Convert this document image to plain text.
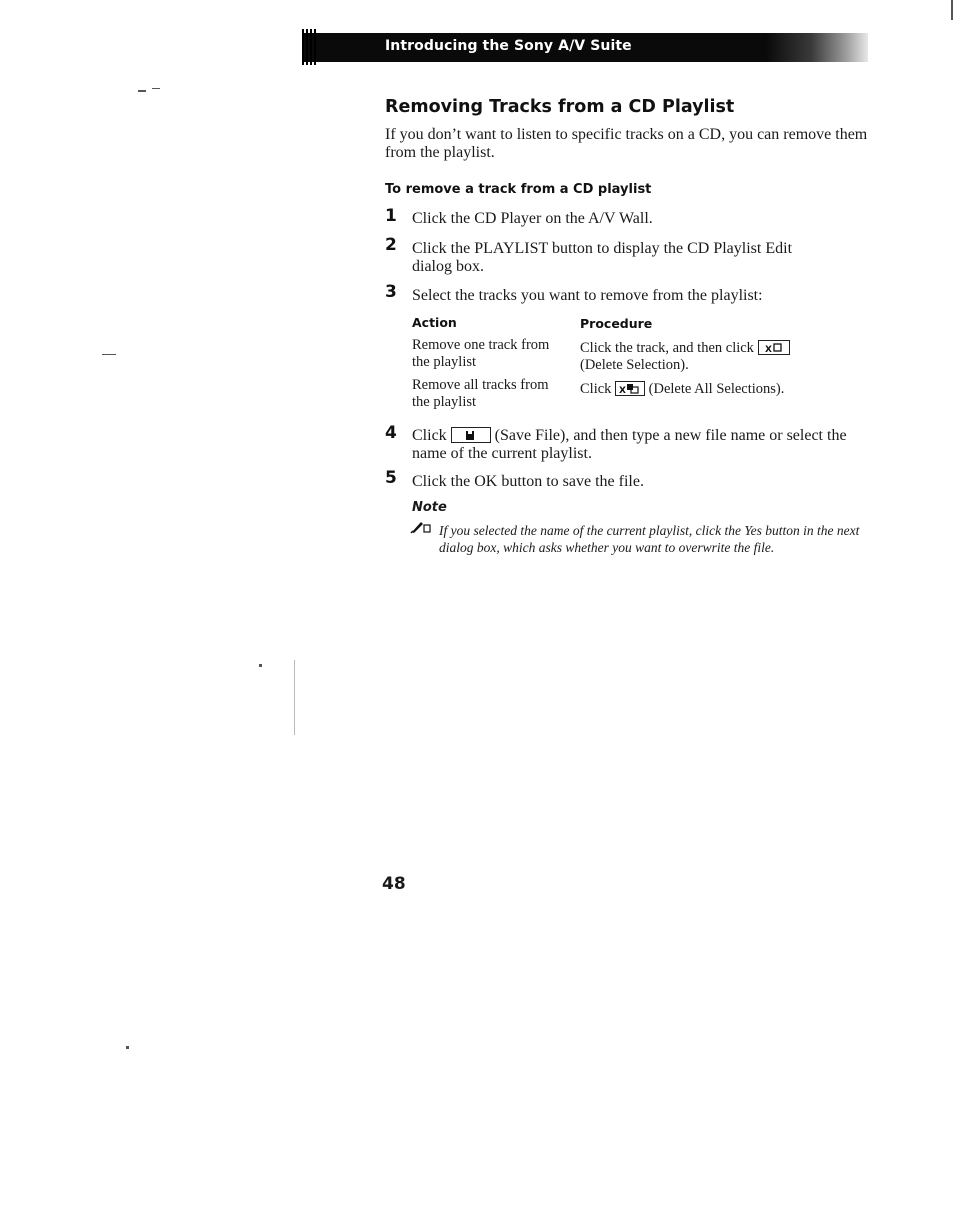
Introducing the Sony A/V Suite
Removing Tracks from a CD Playlist
If you don’t want to listen to specific tracks on a CD, you can remove them from the playlist.
To remove a track from a CD playlist
1 Click the CD Player on the A/V Wall.
2 Click the PLAYLIST button to display the CD Playlist Edit dialog box.
3 Select the tracks you want to remove from the playlist:
Action	Procedure
Remove one track from the playlist
Click the track, and then click X

(Delete Selection).
Remove all tracks from the playlist
Click X (Delete All Selections).
4 Click	(Save File), and then type a new file name or select the name of the current playlist.
5 Click the OK button to save the file.
Note
If you selected the name of the current playlist, click the Yes button in the next dialog box, which asks whether you want to overwrite the file.
48
